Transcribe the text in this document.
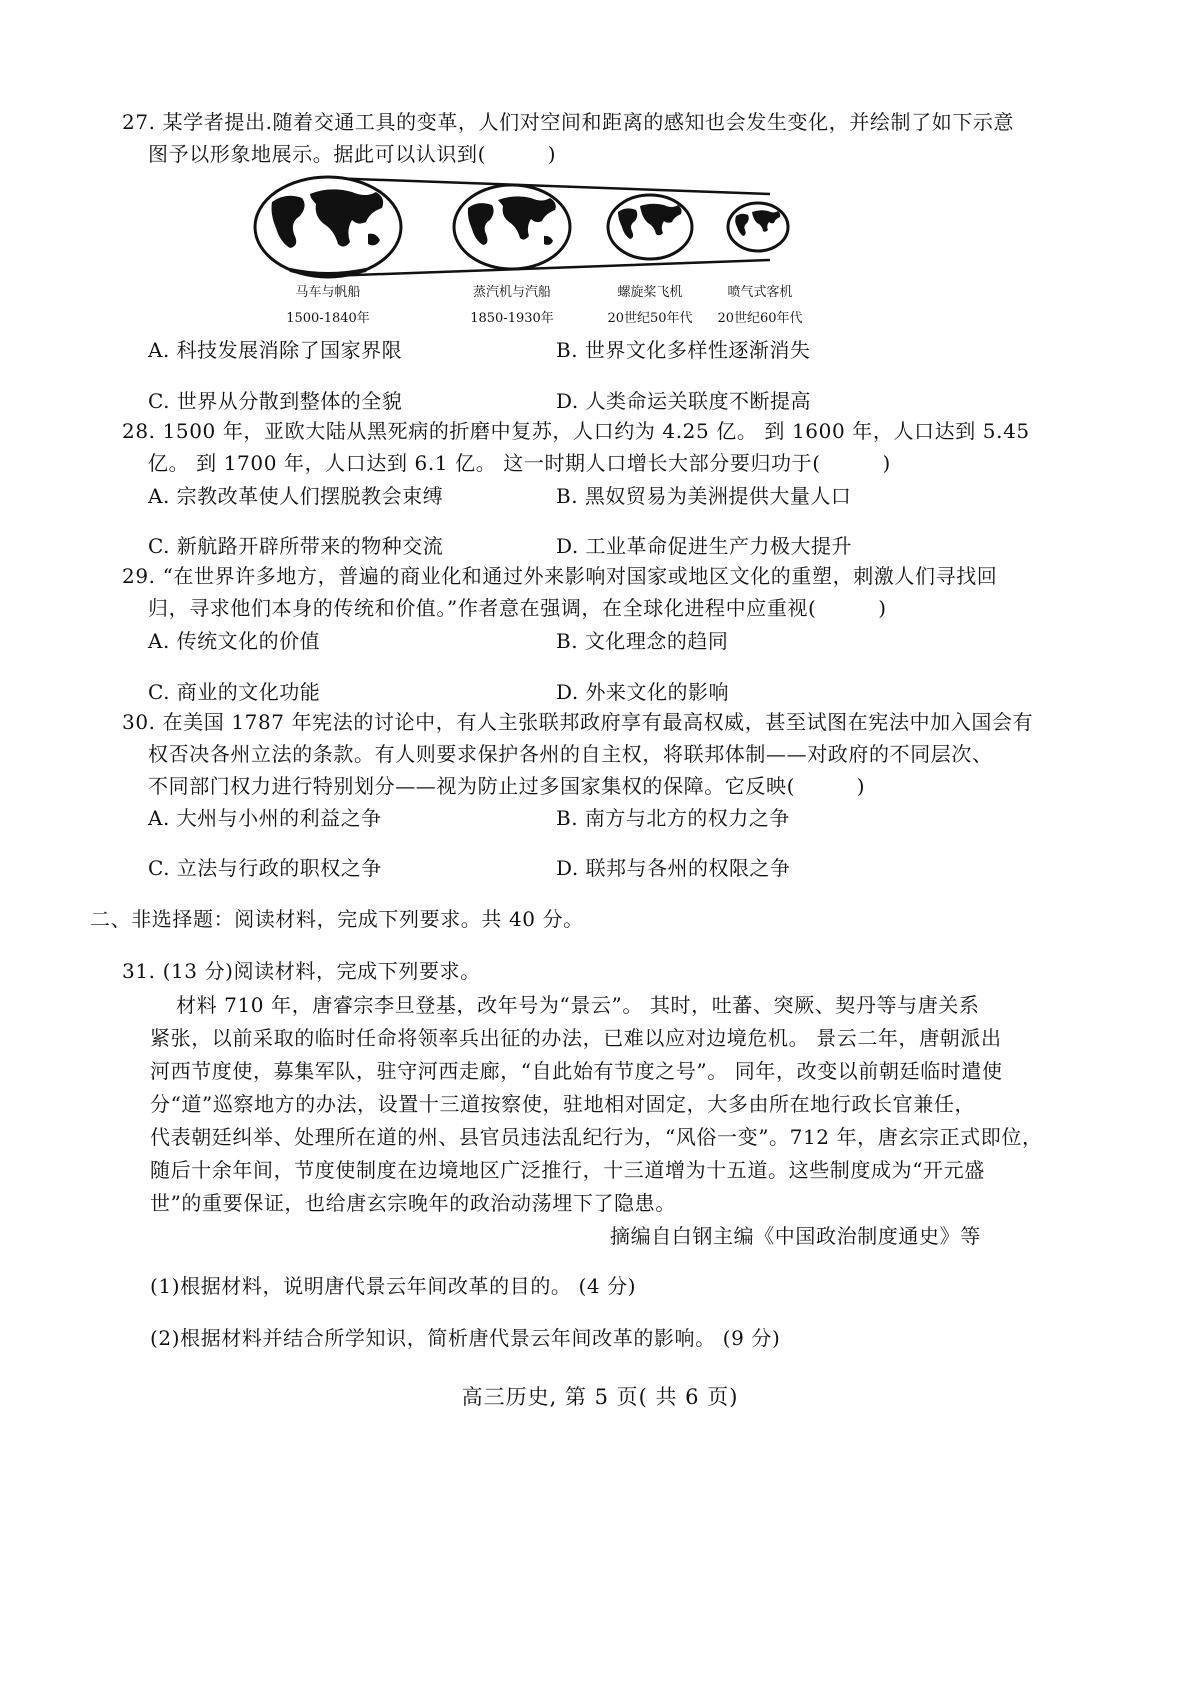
27. 某学者提出.随着交通工具的变革，人们对空间和距离的感知也会发生变化，并绘制了如下示意
图予以形象地展示。据此可以认识到(　　　)
马车与帆船
1500-1840年
蒸汽机与汽船
1850-1930年
螺旋桨飞机
20世纪50年代
喷气式客机
20世纪60年代
A. 科技发展消除了国家界限	B. 世界文化多样性逐渐消失
C. 世界从分散到整体的全貌	D. 人类命运关联度不断提高
28. 1500 年，亚欧大陆从黑死病的折磨中复苏，人口约为 4.25 亿。 到 1600 年，人口达到 5.45
亿。 到 1700 年，人口达到 6.1 亿。 这一时期人口增长大部分要归功于(　　　)
A. 宗教改革使人们摆脱教会束缚	B. 黑奴贸易为美洲提供大量人口
C. 新航路开辟所带来的物种交流	D. 工业革命促进生产力极大提升
29. “在世界许多地方，普遍的商业化和通过外来影响对国家或地区文化的重塑，刺激人们寻找回
归，寻求他们本身的传统和价值。”作者意在强调，在全球化进程中应重视(　　　)
A. 传统文化的价值	B. 文化理念的趋同
C. 商业的文化功能	D. 外来文化的影响
30. 在美国 1787 年宪法的讨论中，有人主张联邦政府享有最高权威，甚至试图在宪法中加入国会有
权否决各州立法的条款。有人则要求保护各州的自主权，将联邦体制——对政府的不同层次、
不同部门权力进行特别划分——视为防止过多国家集权的保障。它反映(　　　)
A. 大州与小州的利益之争	B. 南方与北方的权力之争
C. 立法与行政的职权之争	D. 联邦与各州的权限之争
二、非选择题：阅读材料，完成下列要求。共 40 分。
31. (13 分)阅读材料，完成下列要求。
材料 710 年，唐睿宗李旦登基，改年号为“景云”。 其时，吐蕃、突厥、契丹等与唐关系
紧张，以前采取的临时任命将领率兵出征的办法，已难以应对边境危机。 景云二年，唐朝派出
河西节度使，募集军队，驻守河西走廊，“自此始有节度之号”。 同年，改变以前朝廷临时遣使
分“道”巡察地方的办法，设置十三道按察使，驻地相对固定，大多由所在地行政长官兼任，
代表朝廷纠举、处理所在道的州、县官员违法乱纪行为，“风俗一变”。712 年，唐玄宗正式即位，
随后十余年间，节度使制度在边境地区广泛推行，十三道增为十五道。这些制度成为“开元盛
世”的重要保证，也给唐玄宗晚年的政治动荡埋下了隐患。
摘编自白钢主编《中国政治制度通史》等
(1)根据材料，说明唐代景云年间改革的目的。 (4 分)
(2)根据材料并结合所学知识，简析唐代景云年间改革的影响。 (9 分)
高三历史, 第 5 页( 共 6 页)
